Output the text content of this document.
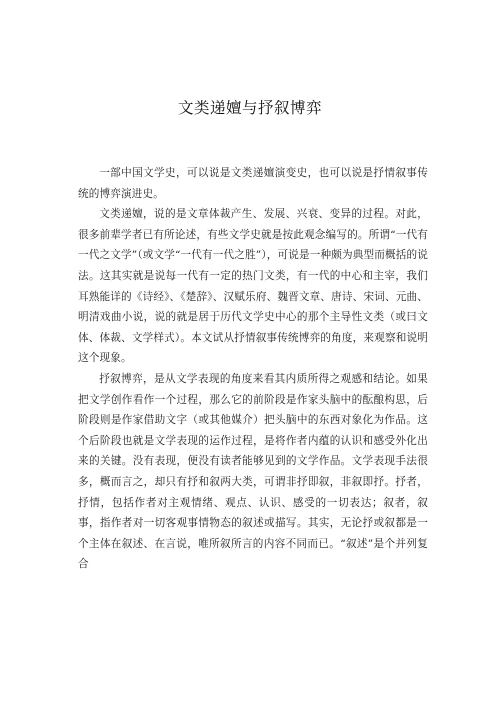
文类递嬗与抒叙博弈

一部中国文学史，可以说是文类递嬗演变史，也可以说是抒情叙事传统的博弈演进史。

文类递嬗，说的是文章体裁产生、发展、兴衰、变异的过程。对此，很多前辈学者已有所论述，有些文学史就是按此观念编写的。所谓“一代有一代之文学”（或文学“一代有一代之胜”），可说是一种颇为典型而概括的说法。这其实就是说每一代有一定的热门文类，有一代的中心和主宰，我们耳熟能详的《诗经》、《楚辞》、汉赋乐府、魏晋文章、唐诗、宋词、元曲、明清戏曲小说，说的就是居于历代文学史中心的那个主导性文类（或曰文体、体裁、文学样式）。本文试从抒情叙事传统博弈的角度，来观察和说明这个现象。

抒叙博弈，是从文学表现的角度来看其内质所得之观感和结论。如果把文学创作看作一个过程，那么它的前阶段是作家头脑中的酝酿构思，后阶段则是作家借助文字（或其他媒介）把头脑中的东西对象化为作品。这个后阶段也就是文学表现的运作过程，是将作者内蕴的认识和感受外化出来的关键。没有表现，便没有读者能够见到的文学作品。文学表现手法很多，概而言之，却只有抒和叙两大类，可谓非抒即叙，非叙即抒。抒者，抒情，包括作者对主观情绪、观点、认识、感受的一切表达；叙者，叙事，指作者对一切客观事情物态的叙述或描写。其实，无论抒或叙都是一个主体在叙述、在言说，唯所叙所言的内容不同而已。“叙述”是个并列复合
